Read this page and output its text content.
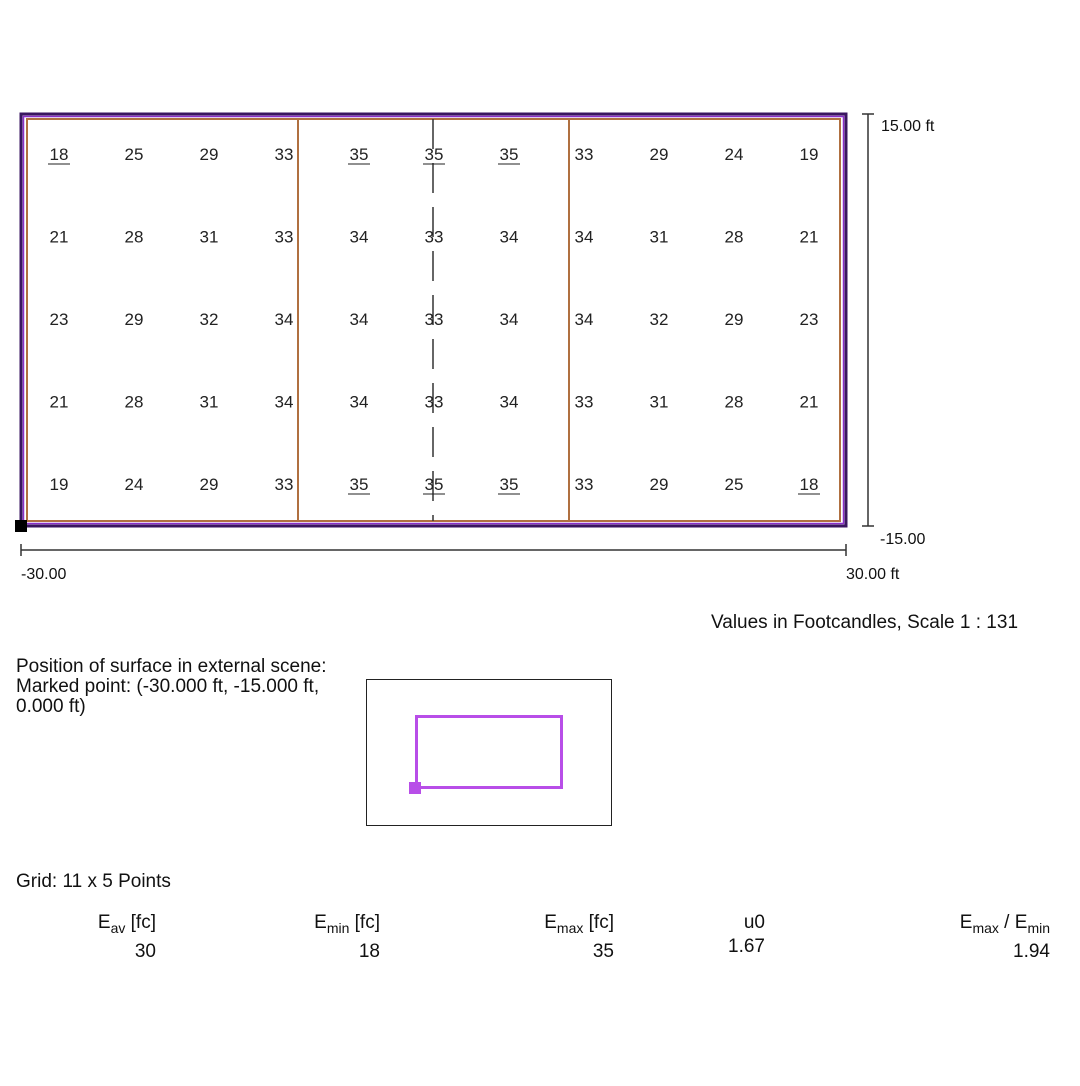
18	25	29	33	35	35	35	33	29	24	19
21	28	31	33	34	33	34	34	31	28	21
23	29	32	34	34	33	34	34	32	29	23
21	28	31	34	34	33	34	33	31	28	21
19	24	29	33	35	35	35	33	29	25	18
15.00 ft
-15.00
-30.00	30.00 ft
Values in Footcandles, Scale 1 : 131
Position of surface in external scene:
Marked point: (-30.000 ft, -15.000 ft,
0.000 ft)
Grid: 11 x 5 Points
$E_{av}$ [fc]
30
$E_{min}$ [fc]
18
$E_{max}$ [fc]
35
u0
1.67
$E_{max} / E_{min}$
1.94
